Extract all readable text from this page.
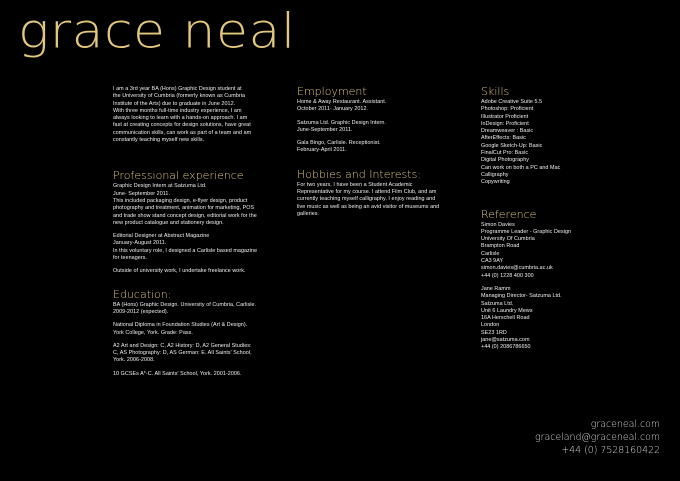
grace neal
I am a 3rd year BA (Hons) Graphic Design student at
the University of Cumbria (formerly known as Cumbria
Institute of the Arts) due to graduate in June 2012.
With three months full-time industry experience, I am
always looking to learn with a hands-on approach. I am
fast at creating concepts for design solutions, have great
communication skills, can work as part of a team and am
constantly teaching myself new skills.
Professional experience
Graphic Design Intern at Satzuma Ltd.
June- September 2011.
This included packaging design, e-flyer design, product
photography and treatment, animation for marketing, POS
and trade show stand concept design, editorial work for the
new product catalogue and stationery design.
Editorial Designer at Abstract Magazine
January-August 2011.
In this voluntary role, I designed a Carlisle based magazine
for teenagers.
Outside of university work, I undertake freelance work.
Education:
BA (Hons) Graphic Design. University of Cumbria, Carlisle.
2009-2012 (expected).
National Diploma in Foundation Studies (Art & Design).
York College, York. Grade: Pass.
A2 Art and Design: C, A2 History: D, A2 General Studies:
C, AS Photography: D, AS German: E. All Saints' School,
York. 2006-2008.
10 GCSEs A*-C. All Saints' School, York. 2001-2006.
Employment
Home & Away Restaurant. Assistant.
October 2011- January 2012.
Satzuma Ltd. Graphic Design Intern.
June-September 2011.
Gala Bingo, Carlisle. Receptionist.
February-April 2011.
Hobbies and Interests:
For two years, I have been a Student Academic
Representative for my course. I attend Film Club, and am
currently teaching myself calligraphy. I enjoy reading and
live music as well as being an avid visitor of museums and
galleries.
Skills
Adobe Creative Suite 5.5
Photoshop: Proficient
Illustrator Proficient
InDesign: Proficient
Dreamweaver : Basic
AfterEffects: Basic
Google Sketch-Up: Basic
FinalCut Pro: Basic
Digital Photography
Can work on both a PC and Mac
Calligraphy
Copywriting
Reference
Simon Davies
Programme Leader - Graphic Design
University Of Cumbria
Brampton Road
Carlisle
CA3 9AY
simon.davies@cumbria.ac.uk
+44 (0) 1228 400 300
Jane Ramm
Managing Director- Satzuma Ltd.
Satzuma Ltd.
Unit 6 Laundry Mews
16A Herschell Road
London
SE23 1RD
jane@satzuma.com
+44 (0) 2086786650
graceneal.com
graceland@graceneal.com
+44 (0) 7528160422
